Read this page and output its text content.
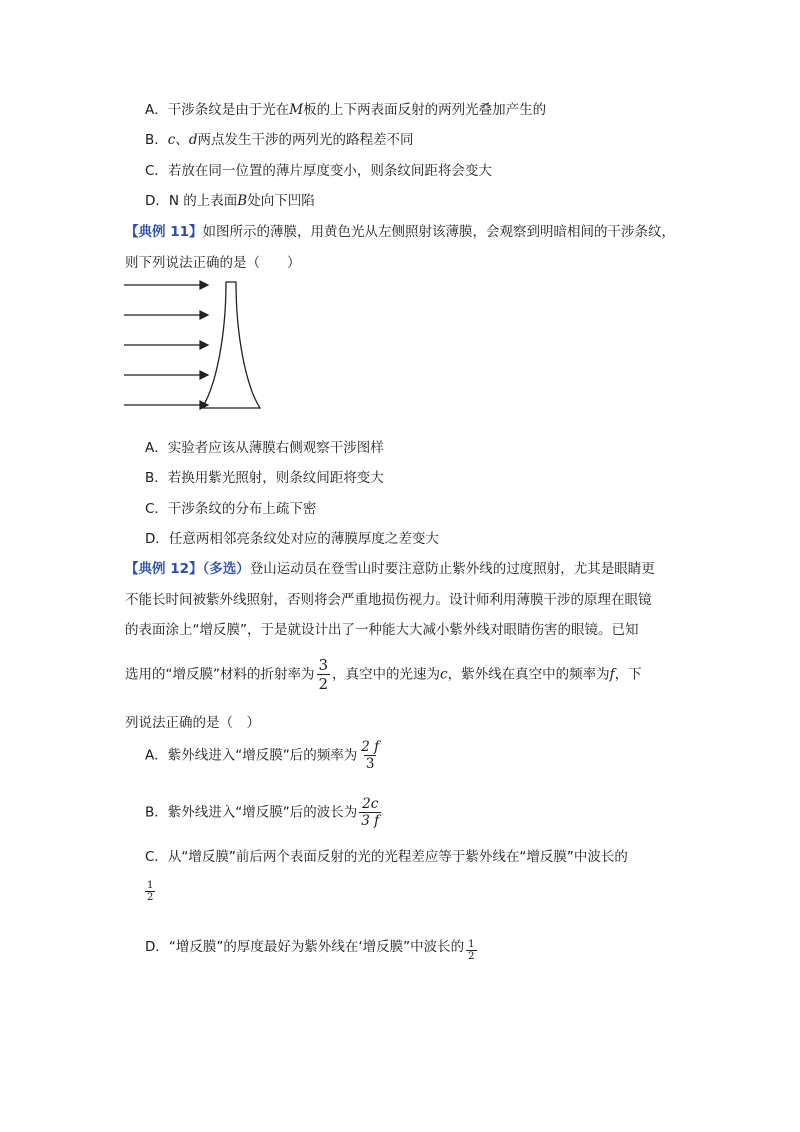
A．干涉条纹是由于光在M板的上下两表面反射的两列光叠加产生的
B．c、d两点发生干涉的两列光的路程差不同
C．若放在同一位置的薄片厚度变小，则条纹间距将会变大
D．N 的上表面B处向下凹陷
【典例 11】如图所示的薄膜，用黄色光从左侧照射该薄膜，会观察到明暗相间的干涉条纹，
则下列说法正确的是（　　）
A．实验者应该从薄膜右侧观察干涉图样
B．若换用紫光照射，则条纹间距将变大
C．干涉条纹的分布上疏下密
D．任意两相邻亮条纹处对应的薄膜厚度之差变大
【典例 12】（多选）登山运动员在登雪山时要注意防止紫外线的过度照射，尤其是眼睛更
不能长时间被紫外线照射，否则将会严重地损伤视力。设计师利用薄膜干涉的原理在眼镜
的表面涂上“增反膜”，于是就设计出了一种能大大减小紫外线对眼睛伤害的眼镜。已知
选用的“增反膜”材料的折射率为 $\frac{3}{2}$ ，真空中的光速为c，紫外线在真空中的频率为f，下
列说法正确的是（　）
A．紫外线进入“增反膜”后的频率为 $\frac{2 f}{3}$
B．紫外线进入“增反膜”后的波长为 $\frac{2c}{3 f}$
C．从“增反膜”前后两个表面反射的光的光程差应等于紫外线在“增反膜”中波长的
$\frac{1}{2}$
D．“增反膜”的厚度最好为紫外线在‘增反膜”中波长的 $\frac{1}{2}$
